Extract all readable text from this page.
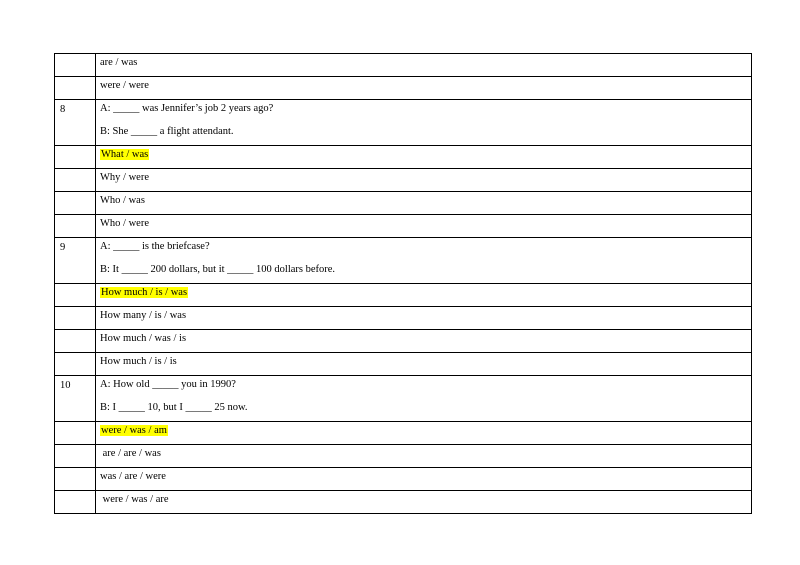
	are / was

	were / were

8	A: _____ was Jennifer’s job 2 years ago?
B: She _____ a flight attendant.

	What / was

	Why / were

	Who / was

	Who / were

9	A: _____ is the briefcase?
B: It _____ 200 dollars, but it _____ 100 dollars before.

	How much / is / was

	How many / is / was

	How much / was / is

	How much / is / is

10	A: How old _____ you in 1990?
B: I _____ 10, but I _____ 25 now.

	were / was / am

	are / are / was

	was / are / were

	were / was / are
